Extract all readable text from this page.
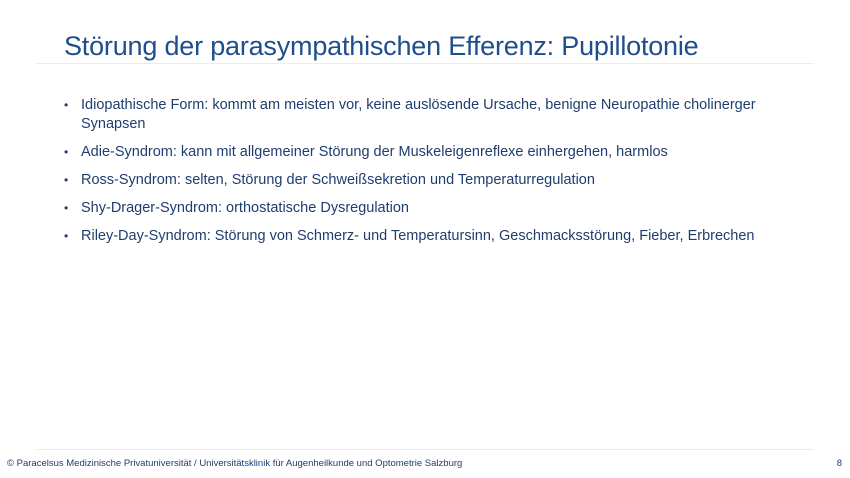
Störung der parasympathischen Efferenz: Pupillotonie
• Idiopathische Form: kommt am meisten vor, keine auslösende Ursache, benigne Neuropathie cholinerger Synapsen
• Adie-Syndrom: kann mit allgemeiner Störung der Muskeleigenreflexe einhergehen, harmlos
• Ross-Syndrom: selten, Störung der Schweißsekretion und Temperaturregulation
• Shy-Drager-Syndrom: orthostatische Dysregulation
• Riley-Day-Syndrom: Störung von Schmerz- und Temperatursinn, Geschmacksstörung, Fieber, Erbrechen
© Paracelsus Medizinische Privatuniversität / Universitätsklinik für Augenheilkunde und Optometrie Salzburg	8
